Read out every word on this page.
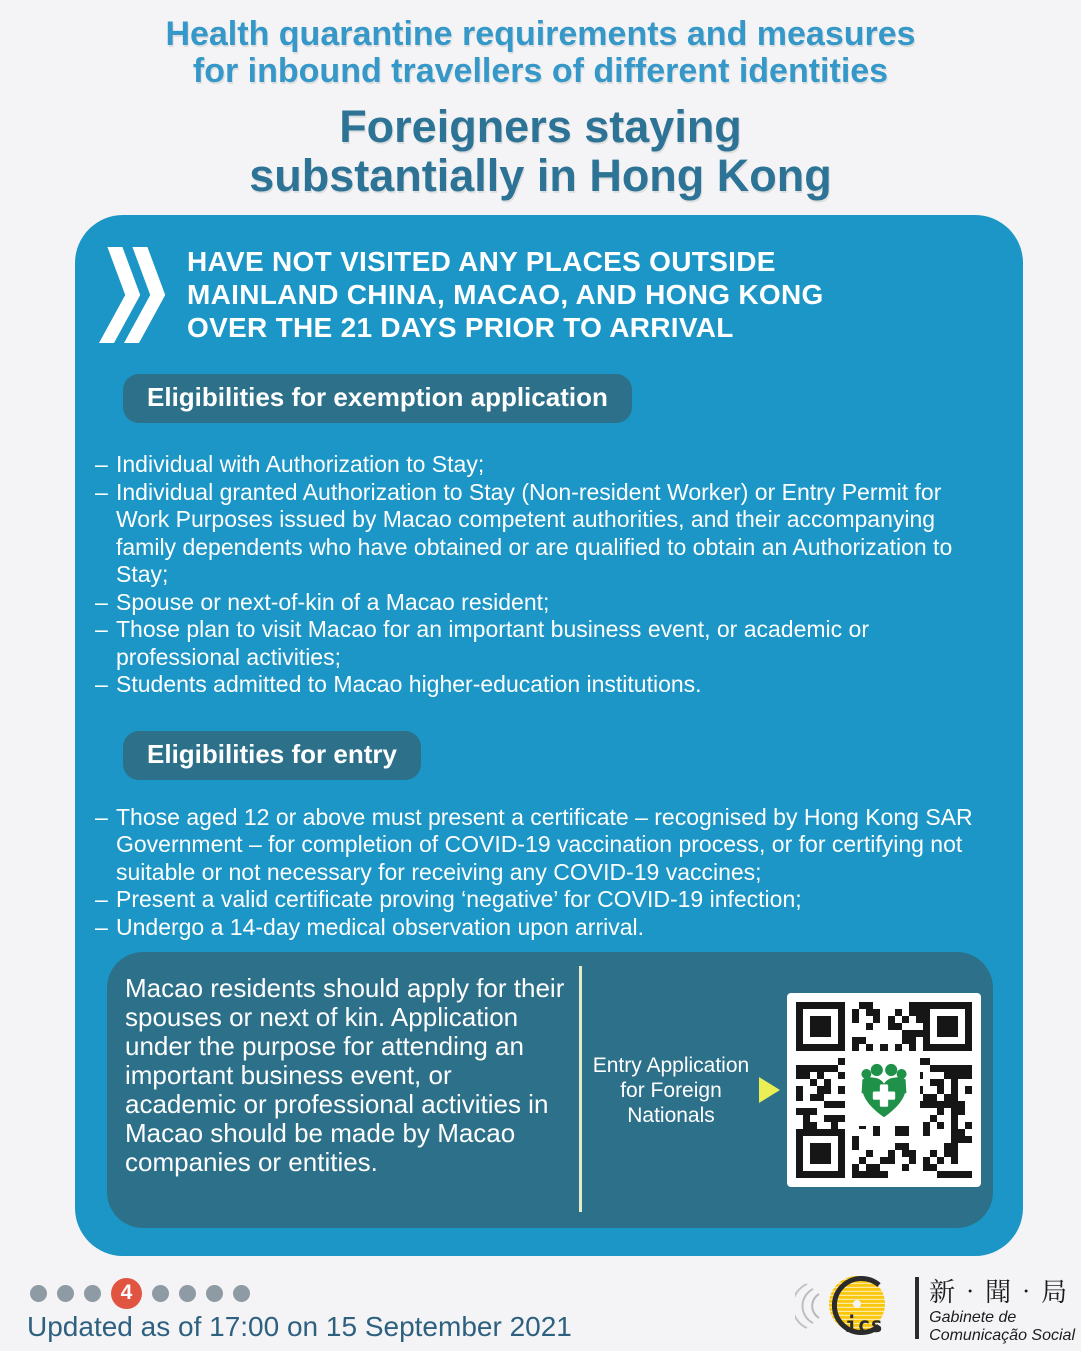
Health quarantine requirements and measures
for inbound travellers of different identities
Foreigners staying
substantially in Hong Kong
HAVE NOT VISITED ANY PLACES OUTSIDE
MAINLAND CHINA, MACAO, AND HONG KONG
OVER THE 21 DAYS PRIOR TO ARRIVAL
Eligibilities for exemption application
– Individual with Authorization to Stay;
– Individual granted Authorization to Stay (Non-resident Worker) or Entry Permit for Work Purposes issued by Macao competent authorities, and their accompanying family dependents who have obtained or are qualified to obtain an Authorization to Stay;
– Spouse or next-of-kin of a Macao resident;
– Those plan to visit Macao for an important business event, or academic or professional activities;
– Students admitted to Macao higher-education institutions.
Eligibilities for entry
– Those aged 12 or above must present a certificate – recognised by Hong Kong SAR Government – for completion of COVID-19 vaccination process, or for certifying not suitable or not necessary for receiving any COVID-19 vaccines;
– Present a valid certificate proving ‘negative’ for COVID-19 infection;
– Undergo a 14-day medical observation upon arrival.
Macao residents should apply for their spouses or next of kin. Application under the purpose for attending an important business event, or academic or professional activities in Macao should be made by Macao companies or entities.
Entry Application
for Foreign
Nationals
4
Updated as of 17:00 on 15 September 2021	ics
新‧聞‧局
Gabinete de
Comunicação Social
